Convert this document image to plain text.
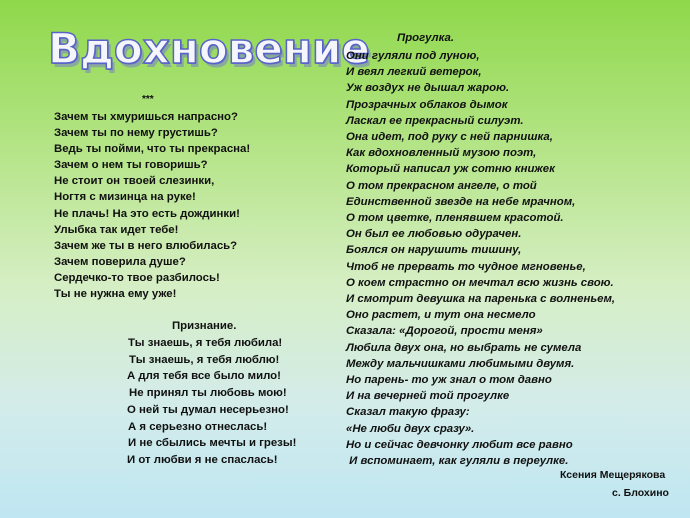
Вдохновение
***
Зачем ты хмуришься напрасно?
Зачем ты по нему грустишь?
Ведь ты пойми, что ты прекрасна!
Зачем о нем ты говоришь?
Не стоит он твоей слезинки,
Ногтя с мизинца на руке!
Не плачь! На это есть дождинки!
Улыбка так идет тебе!
Зачем же ты в него влюбилась?
Зачем поверила душе?
Сердечко-то твое разбилось!
Ты не нужна ему уже!
Признание.
Ты знаешь, я тебя любила!
Ты знаешь, я тебя люблю!
А для тебя все было мило!
Не принял ты любовь мою!
О ней ты думал несерьезно!
А я серьезно отнеслась!
И не сбылись мечты и грезы!
И от любви я не спаслась!
Прогулка.
Они гуляли под луною,
И веял легкий ветерок,
Уж воздух не дышал жарою.
Прозрачных облаков дымок
Ласкал ее прекрасный силуэт.
Она идет, под руку с ней парнишка,
Как вдохновленный музою поэт,
Который написал уж сотню книжек
О том прекрасном ангеле, о той
Единственной звезде на небе мрачном,
О том цветке, пленявшем красотой.
Он был ее любовью одурачен.
Боялся он нарушить тишину,
Чтоб не прервать то чудное мгновенье,
О коем страстно он мечтал всю жизнь свою.
И смотрит девушка на паренька с волненьем,
Оно растет, и тут она несмело
Сказала: «Дорогой, прости меня»
Любила двух она, но выбрать не сумела
Между мальчишками любимыми двумя.
Но парень- то уж знал о том давно
И на вечерней той прогулке
Сказал такую фразу:
«Не люби двух сразу».
Но и сейчас девчонку любит все равно
И вспоминает, как гуляли в переулке.
Ксения Мещерякова
с. Блохино
